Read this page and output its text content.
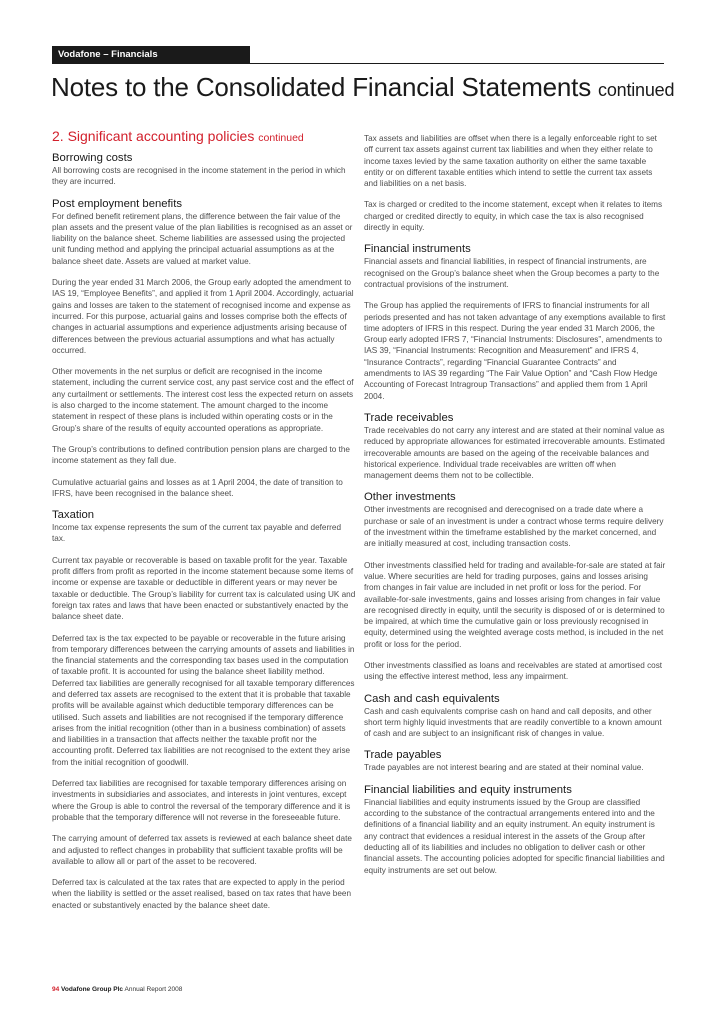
Vodafone – Financials
Notes to the Consolidated Financial Statements continued
2. Significant accounting policies continued
Borrowing costs

All borrowing costs are recognised in the income statement in the period in which they are incurred.

Post employment benefits

For defined benefit retirement plans, the difference between the fair value of the plan assets and the present value of the plan liabilities is recognised as an asset or liability on the balance sheet. Scheme liabilities are assessed using the projected unit funding method and applying the principal actuarial assumptions as at the balance sheet date. Assets are valued at market value.

During the year ended 31 March 2006, the Group early adopted the amendment to IAS 19, “Employee Benefits”, and applied it from 1 April 2004. Accordingly, actuarial gains and losses are taken to the statement of recognised income and expense as incurred. For this purpose, actuarial gains and losses comprise both the effects of changes in actuarial assumptions and experience adjustments arising because of differences between the previous actuarial assumptions and what has actually occurred.

Other movements in the net surplus or deficit are recognised in the income statement, including the current service cost, any past service cost and the effect of any curtailment or settlements. The interest cost less the expected return on assets is also charged to the income statement. The amount charged to the income statement in respect of these plans is included within operating costs or in the Group’s share of the results of equity accounted operations as appropriate.

The Group’s contributions to defined contribution pension plans are charged to the income statement as they fall due.

Cumulative actuarial gains and losses as at 1 April 2004, the date of transition to IFRS, have been recognised in the balance sheet.

Taxation

Income tax expense represents the sum of the current tax payable and deferred tax.

Current tax payable or recoverable is based on taxable profit for the year. Taxable profit differs from profit as reported in the income statement because some items of income or expense are taxable or deductible in different years or may never be taxable or deductible. The Group’s liability for current tax is calculated using UK and foreign tax rates and laws that have been enacted or substantively enacted by the balance sheet date.

Deferred tax is the tax expected to be payable or recoverable in the future arising from temporary differences between the carrying amounts of assets and liabilities in the financial statements and the corresponding tax bases used in the computation of taxable profit. It is accounted for using the balance sheet liability method. Deferred tax liabilities are generally recognised for all taxable temporary differences and deferred tax assets are recognised to the extent that it is probable that taxable profits will be available against which deductible temporary differences can be utilised. Such assets and liabilities are not recognised if the temporary difference arises from the initial recognition (other than in a business combination) of assets and liabilities in a transaction that affects neither the taxable profit nor the accounting profit. Deferred tax liabilities are not recognised to the extent they arise from the initial recognition of goodwill.

Deferred tax liabilities are recognised for taxable temporary differences arising on investments in subsidiaries and associates, and interests in joint ventures, except where the Group is able to control the reversal of the temporary difference and it is probable that the temporary difference will not reverse in the foreseeable future.

The carrying amount of deferred tax assets is reviewed at each balance sheet date and adjusted to reflect changes in probability that sufficient taxable profits will be available to allow all or part of the asset to be recovered.

Deferred tax is calculated at the tax rates that are expected to apply in the period when the liability is settled or the asset realised, based on tax rates that have been enacted or substantively enacted by the balance sheet date.

Tax assets and liabilities are offset when there is a legally enforceable right to set off current tax assets against current tax liabilities and when they either relate to income taxes levied by the same taxation authority on either the same taxable entity or on different taxable entities which intend to settle the current tax assets and liabilities on a net basis.

Tax is charged or credited to the income statement, except when it relates to items charged or credited directly to equity, in which case the tax is also recognised directly in equity.

Financial instruments

Financial assets and financial liabilities, in respect of financial instruments, are recognised on the Group’s balance sheet when the Group becomes a party to the contractual provisions of the instrument.

The Group has applied the requirements of IFRS to financial instruments for all periods presented and has not taken advantage of any exemptions available to first time adopters of IFRS in this respect. During the year ended 31 March 2006, the Group early adopted IFRS 7, “Financial Instruments: Disclosures”, amendments to IAS 39, “Financial Instruments: Recognition and Measurement” and IFRS 4, “Insurance Contracts”, regarding “Financial Guarantee Contracts” and amendments to IAS 39 regarding “The Fair Value Option” and “Cash Flow Hedge Accounting of Forecast Intragroup Transactions” and applied them from 1 April 2004.

Trade receivables

Trade receivables do not carry any interest and are stated at their nominal value as reduced by appropriate allowances for estimated irrecoverable amounts. Estimated irrecoverable amounts are based on the ageing of the receivable balances and historical experience. Individual trade receivables are written off when management deems them not to be collectible.

Other investments

Other investments are recognised and derecognised on a trade date where a purchase or sale of an investment is under a contract whose terms require delivery of the investment within the timeframe established by the market concerned, and are initially measured at cost, including transaction costs.

Other investments classified held for trading and available-for-sale are stated at fair value. Where securities are held for trading purposes, gains and losses arising from changes in fair value are included in net profit or loss for the period. For available-for-sale investments, gains and losses arising from changes in fair value are recognised directly in equity, until the security is disposed of or is determined to be impaired, at which time the cumulative gain or loss previously recognised in equity, determined using the weighted average costs method, is included in the net profit or loss for the period.

Other investments classified as loans and receivables are stated at amortised cost using the effective interest method, less any impairment.

Cash and cash equivalents

Cash and cash equivalents comprise cash on hand and call deposits, and other short term highly liquid investments that are readily convertible to a known amount of cash and are subject to an insignificant risk of changes in value.

Trade payables

Trade payables are not interest bearing and are stated at their nominal value.

Financial liabilities and equity instruments

Financial liabilities and equity instruments issued by the Group are classified according to the substance of the contractual arrangements entered into and the definitions of a financial liability and an equity instrument. An equity instrument is any contract that evidences a residual interest in the assets of the Group after deducting all of its liabilities and includes no obligation to deliver cash or other financial assets. The accounting policies adopted for specific financial liabilities and equity instruments are set out below.

94 Vodafone Group Plc Annual Report 2008
